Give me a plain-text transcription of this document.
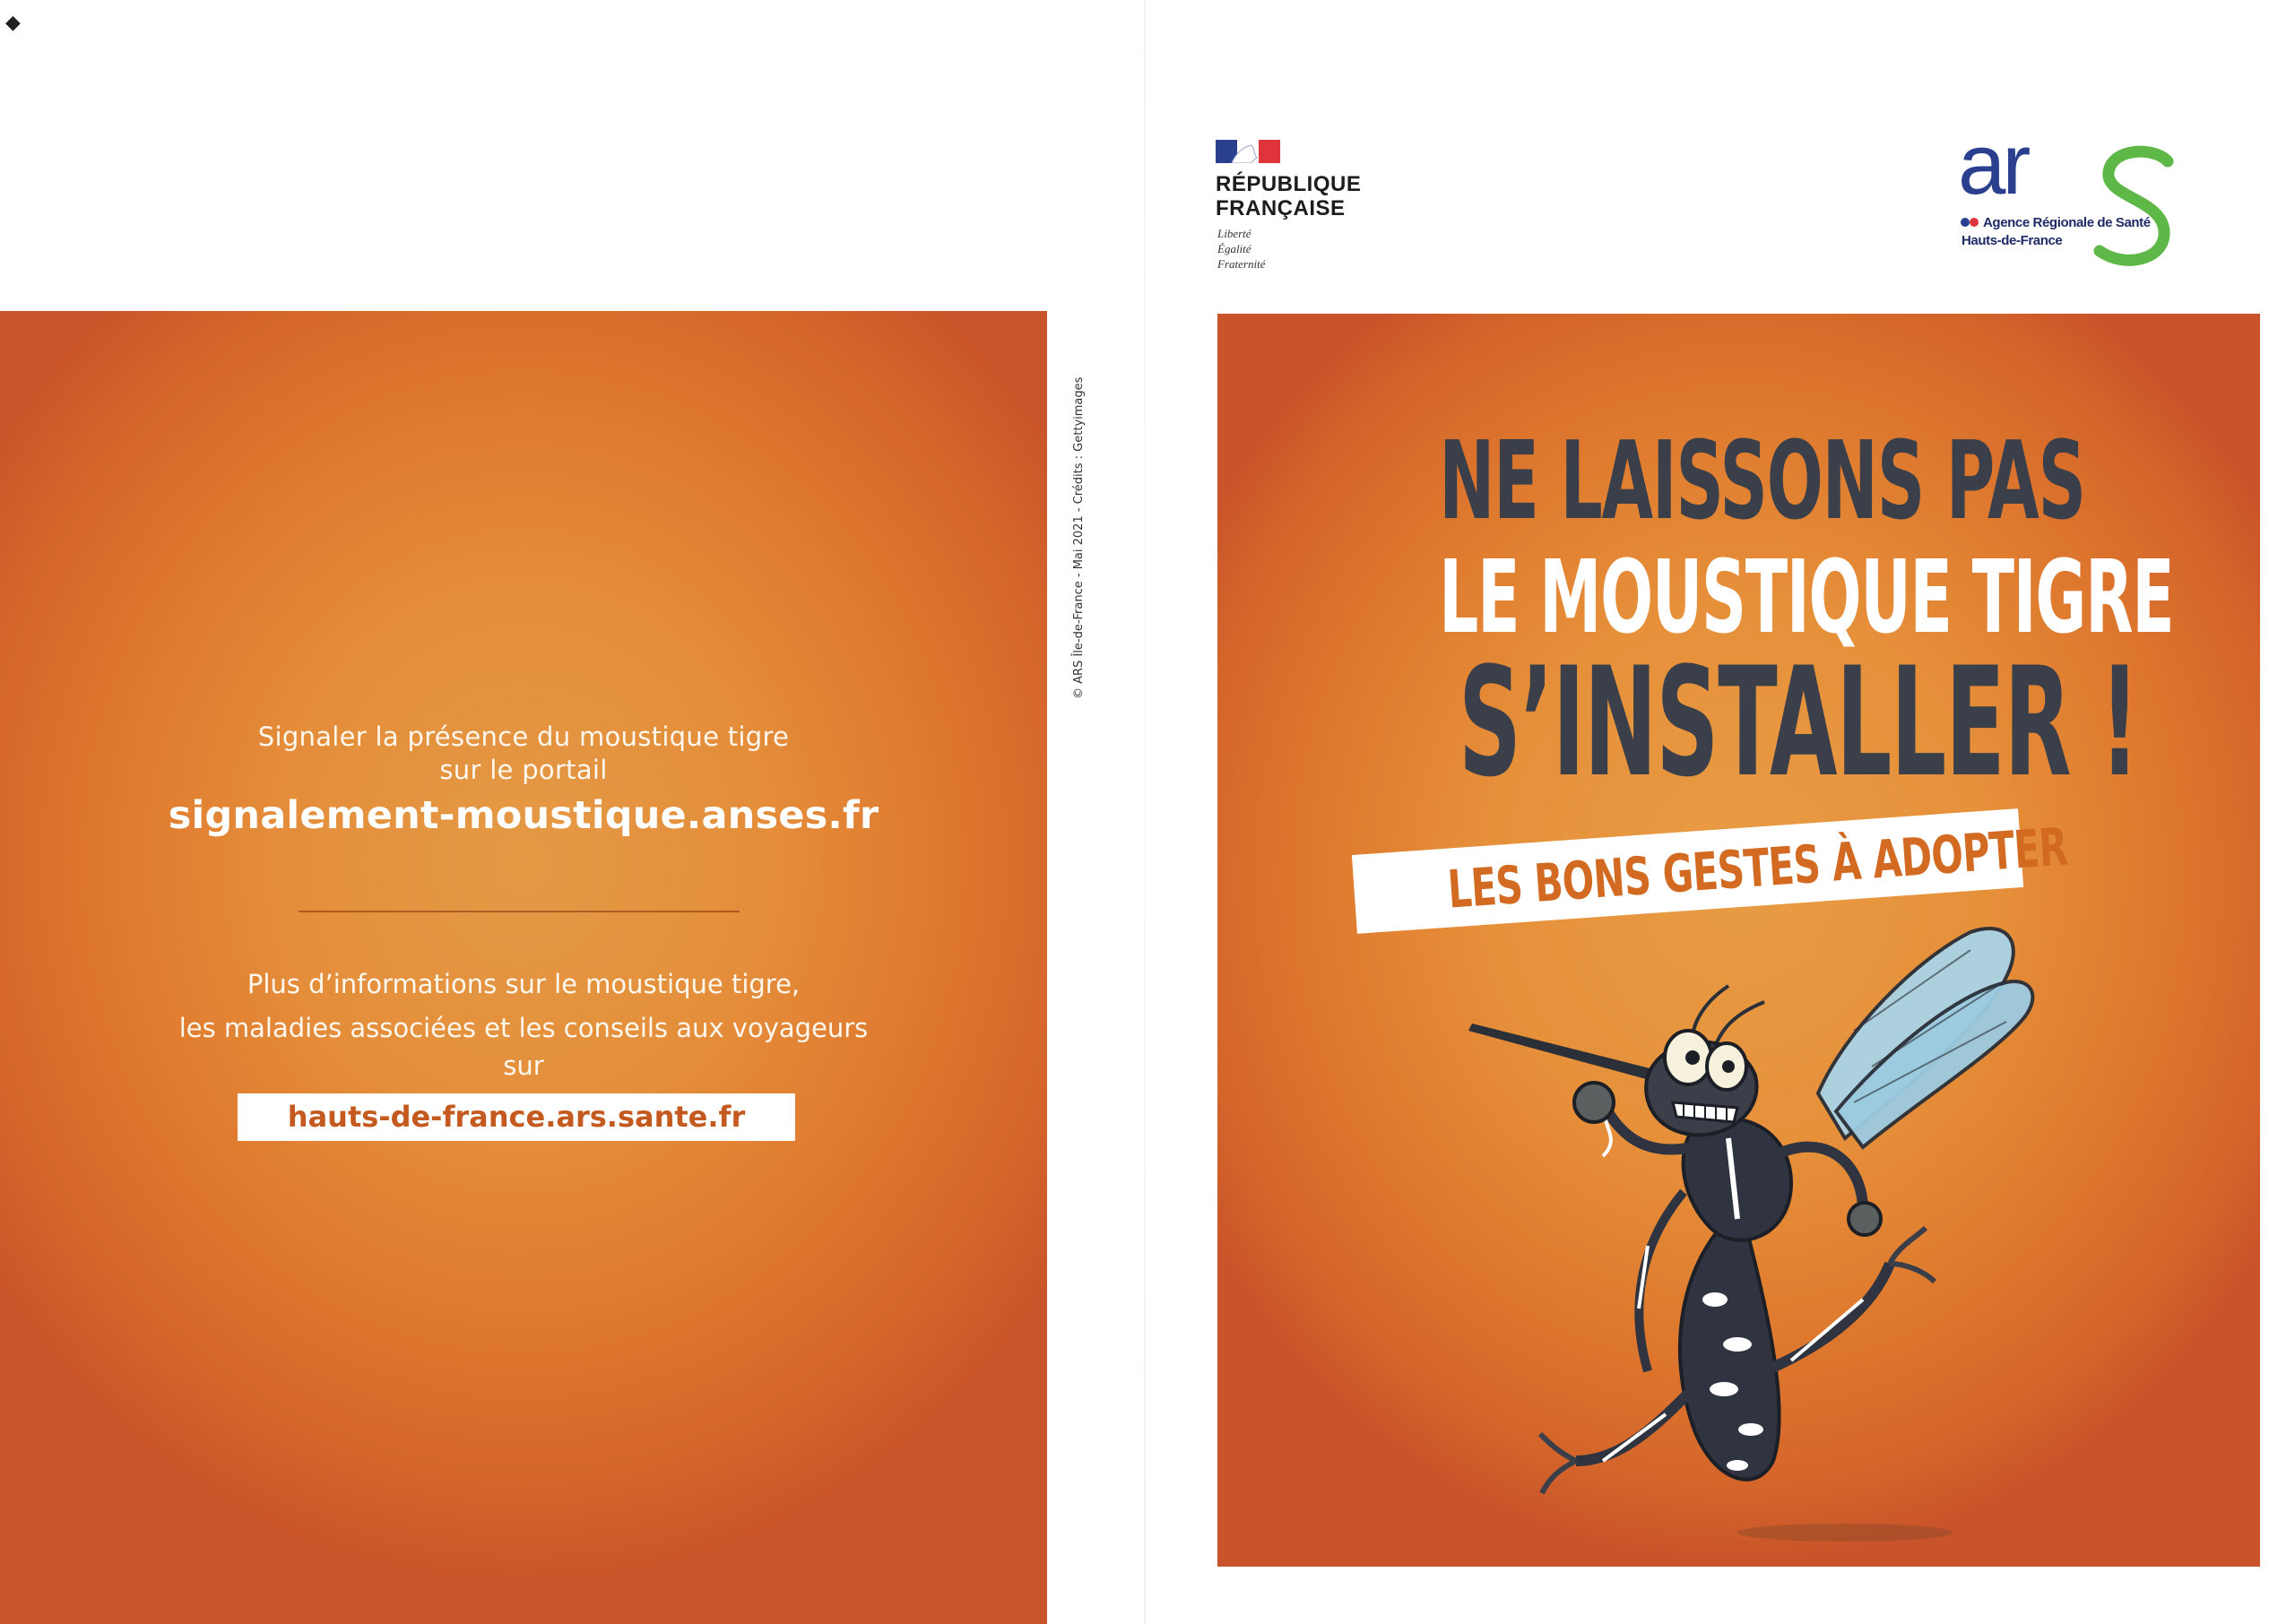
◆
Signaler la présence du moustique tigre
sur le portail
signalement-moustique.anses.fr
Plus d’informations sur le moustique tigre,
les maladies associées et les conseils aux voyageurs
sur
hauts-de-france.ars.sante.fr
© ARS Île-de-France - Mai 2021 - Crédits : Gettyimages
RÉPUBLIQUE
FRANÇAISE
Liberté
Égalité
Fraternité
ar
Agence Régionale de Santé
Hauts-de-France
NE LAISSONS PAS
LE MOUSTIQUE TIGRE
S’INSTALLER !
LES BONS GESTES À ADOPTER
